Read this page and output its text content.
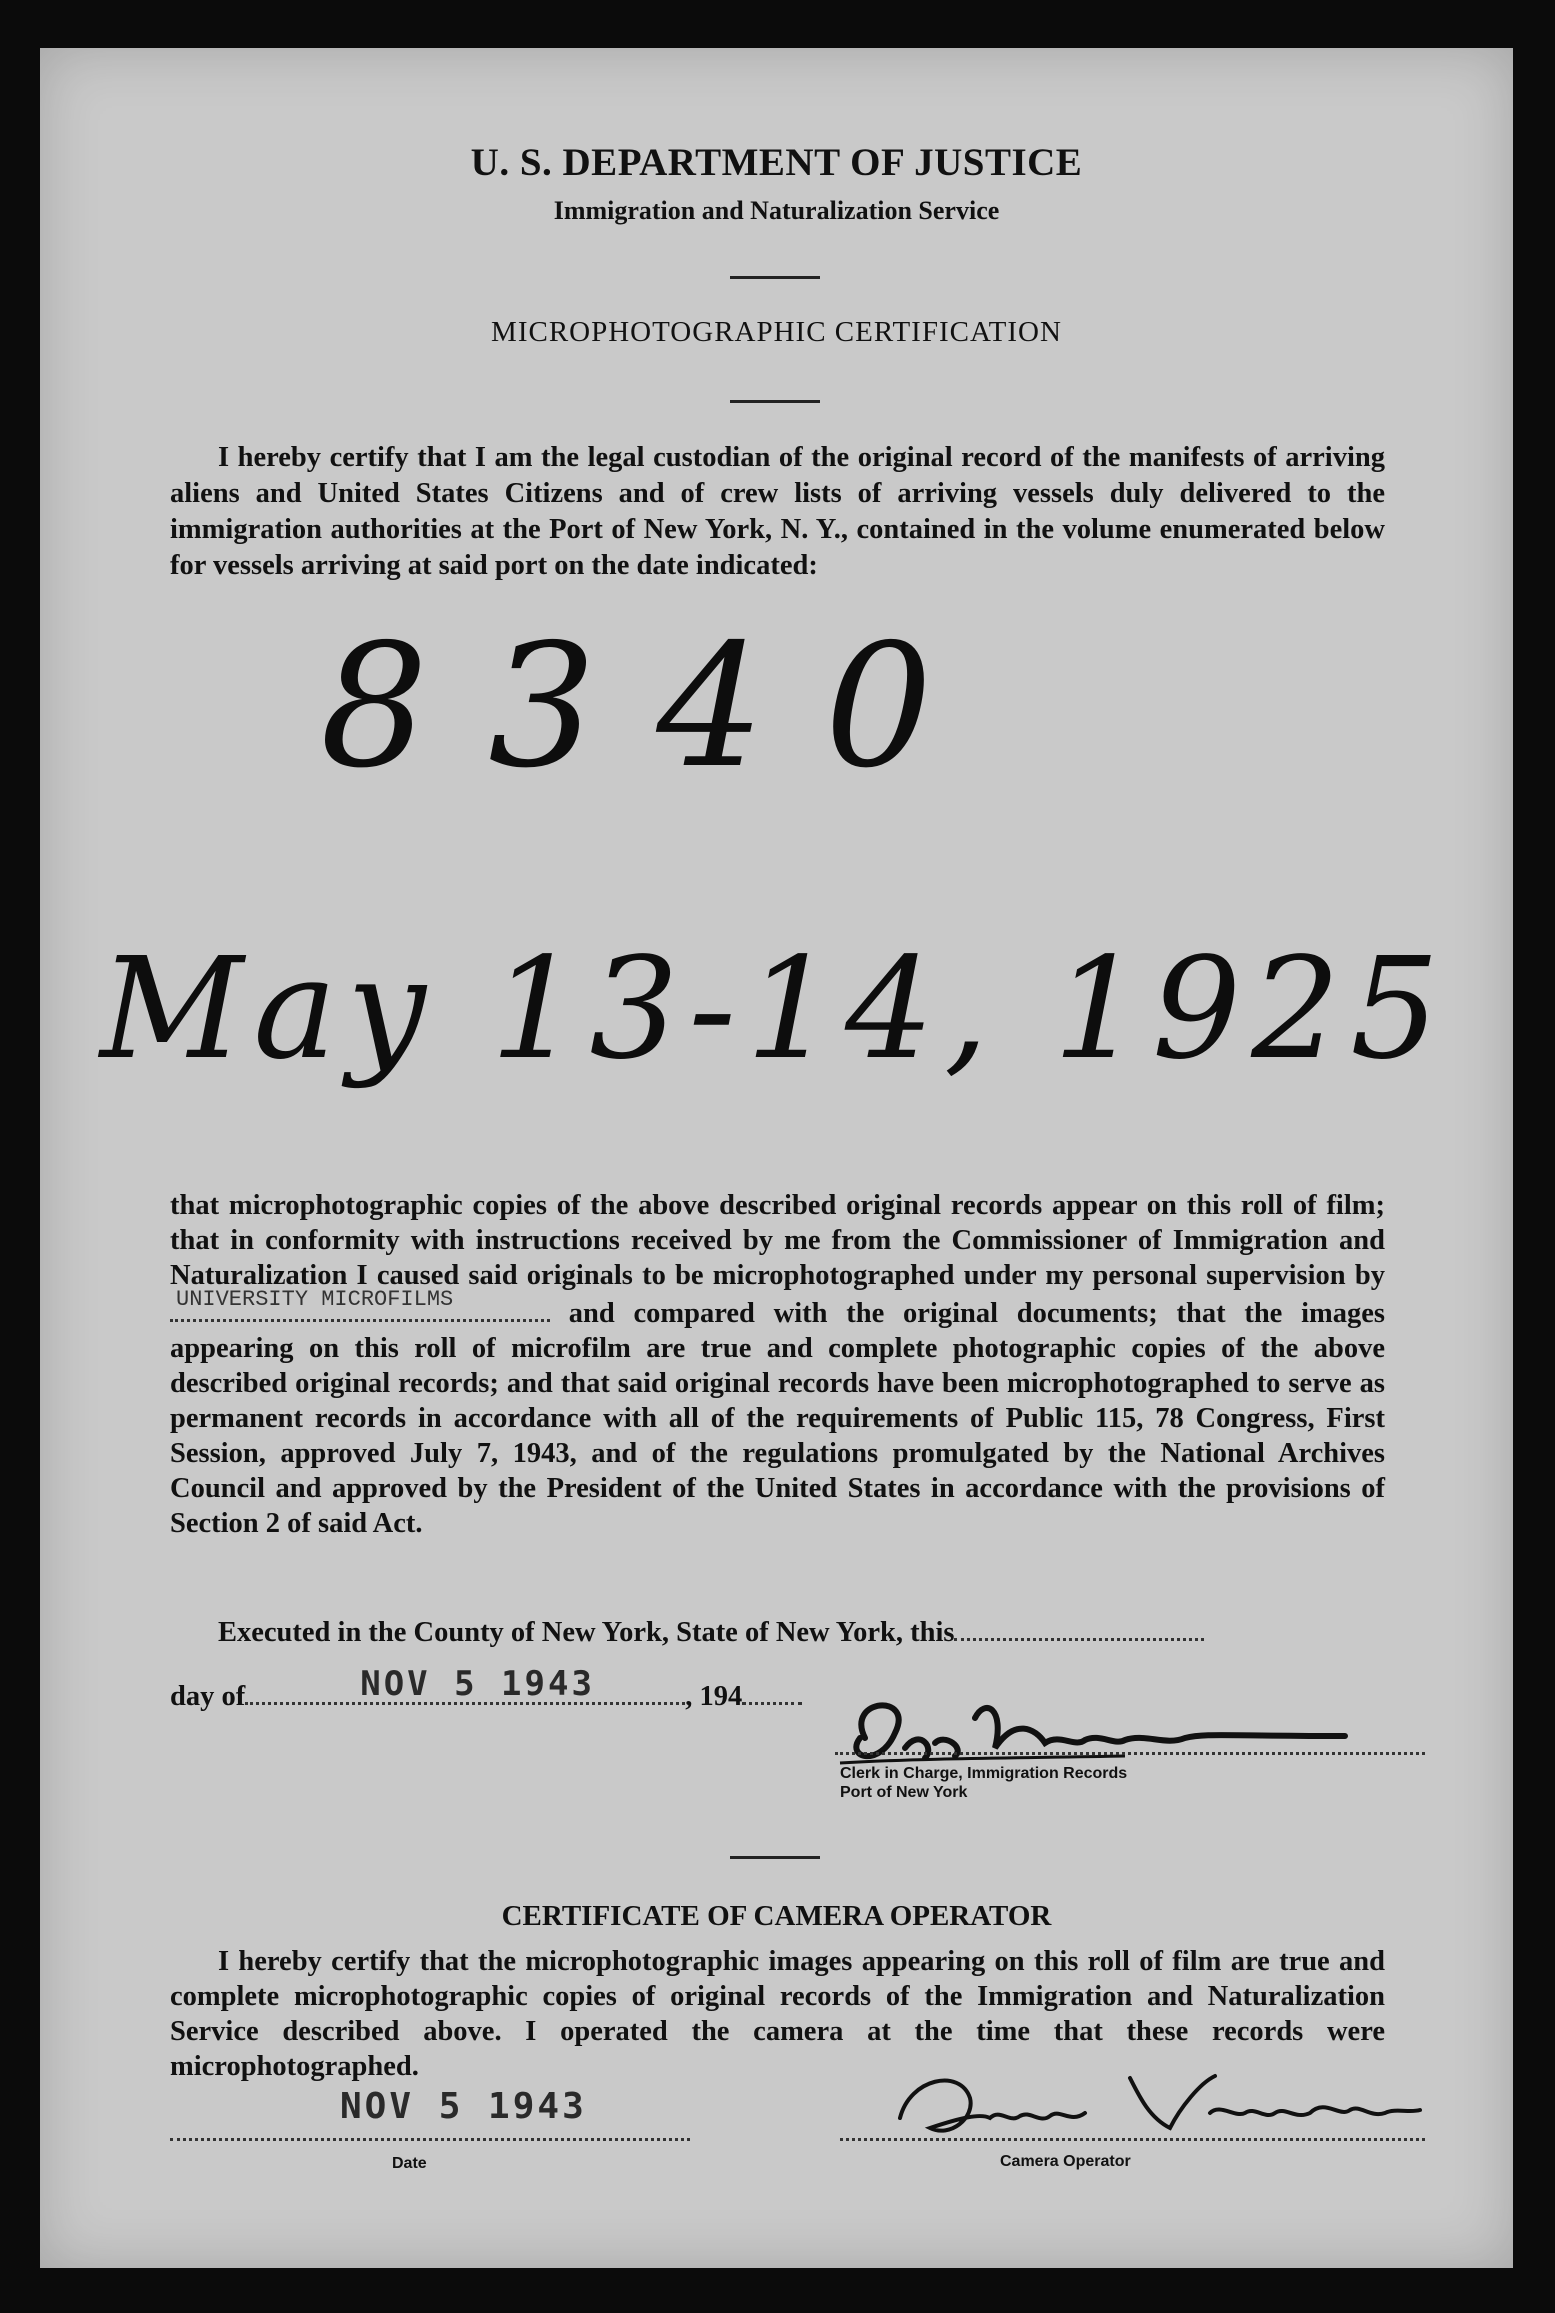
U. S. DEPARTMENT OF JUSTICE
Immigration and Naturalization Service
MICROPHOTOGRAPHIC CERTIFICATION
I hereby certify that I am the legal custodian of the original record of the manifests of arriving aliens and United States Citizens and of crew lists of arriving vessels duly delivered to the immigration authorities at the Port of New York, N. Y., contained in the volume enumerated below for vessels arriving at said port on the date indicated:
8340
May 13-14, 1925
that microphotographic copies of the above described original records appear on this roll of film; that in conformity with instructions received by me from the Commissioner of Immigration and Naturalization I caused said originals to be microphotographed under my personal supervision by
UNIVERSITY MICROFILMS	and compared with the original documents; that the images appearing on this roll of microfilm are true and complete photographic copies of the above described original records; and that said original records have been microphotographed to serve as permanent records in accordance with all of the requirements of Public 115, 78 Congress, First Session, approved July 7, 1943, and of the regulations promulgated by the National Archives Council and approved by the President of the United States in accordance with the provisions of Section 2 of said Act.
Executed in the County of New York, State of New York, this
day of	NOV 5 1943	, 194
Clerk in Charge, Immigration Records
Port of New York
CERTIFICATE OF CAMERA OPERATOR
I hereby certify that the microphotographic images appearing on this roll of film are true and complete microphotographic copies of original records of the Immigration and Naturalization Service described above. I operated the camera at the time that these records were microphotographed.
NOV 5 1943
Date	Camera Operator
